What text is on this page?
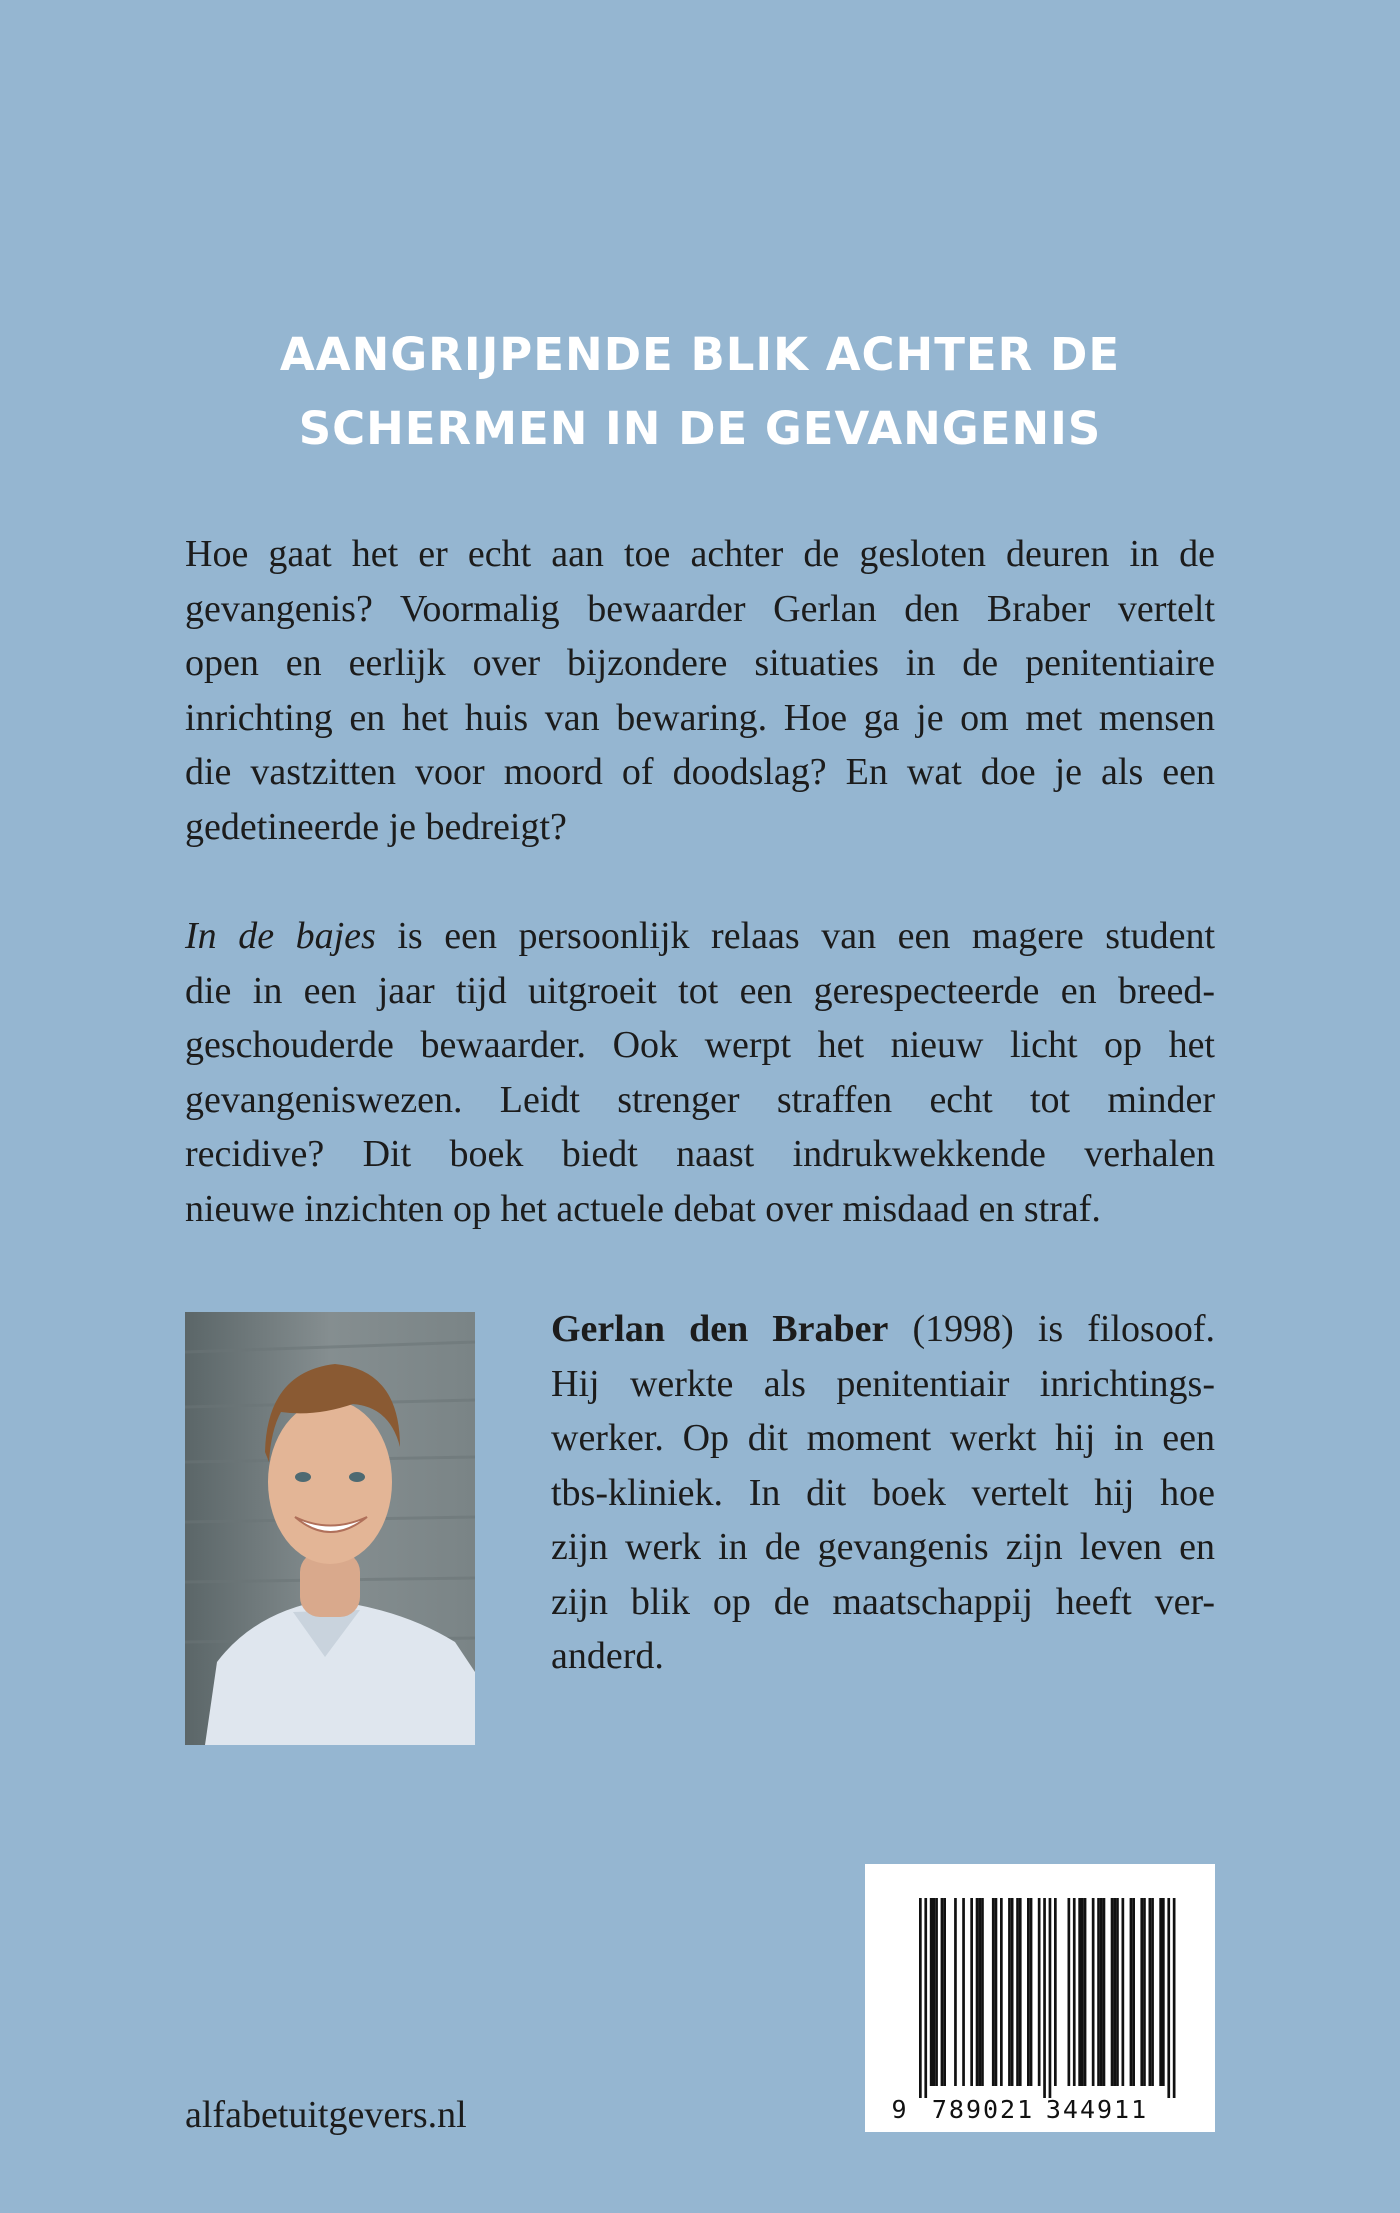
AANGRIJPENDE BLIK ACHTER DE
SCHERMEN IN DE GEVANGENIS

Hoe gaat het er echt aan toe achter de gesloten deuren in de
gevangenis? Voormalig bewaarder Gerlan den Braber vertelt
open en eerlijk over bijzondere situaties in de penitentiaire
inrichting en het huis van bewaring. Hoe ga je om met mensen
die vastzitten voor moord of doodslag? En wat doe je als een
gedetineerde je bedreigt?

In de bajes is een persoonlijk relaas van een magere student
die in een jaar tijd uitgroeit tot een gerespecteerde en breed-
geschouderde bewaarder. Ook werpt het nieuw licht op het
gevangeniswezen. Leidt strenger straffen echt tot minder
recidive? Dit boek biedt naast indrukwekkende verhalen
nieuwe inzichten op het actuele debat over misdaad en straf.

Gerlan den Braber (1998) is filosoof.
Hij werkte als penitentiair inrichtings-
werker. Op dit moment werkt hij in een
tbs-kliniek. In dit boek vertelt hij hoe
zijn werk in de gevangenis zijn leven en
zijn blik op de maatschappij heeft ver-
anderd.

alfabetuitgevers.nl	9 789021 344911
